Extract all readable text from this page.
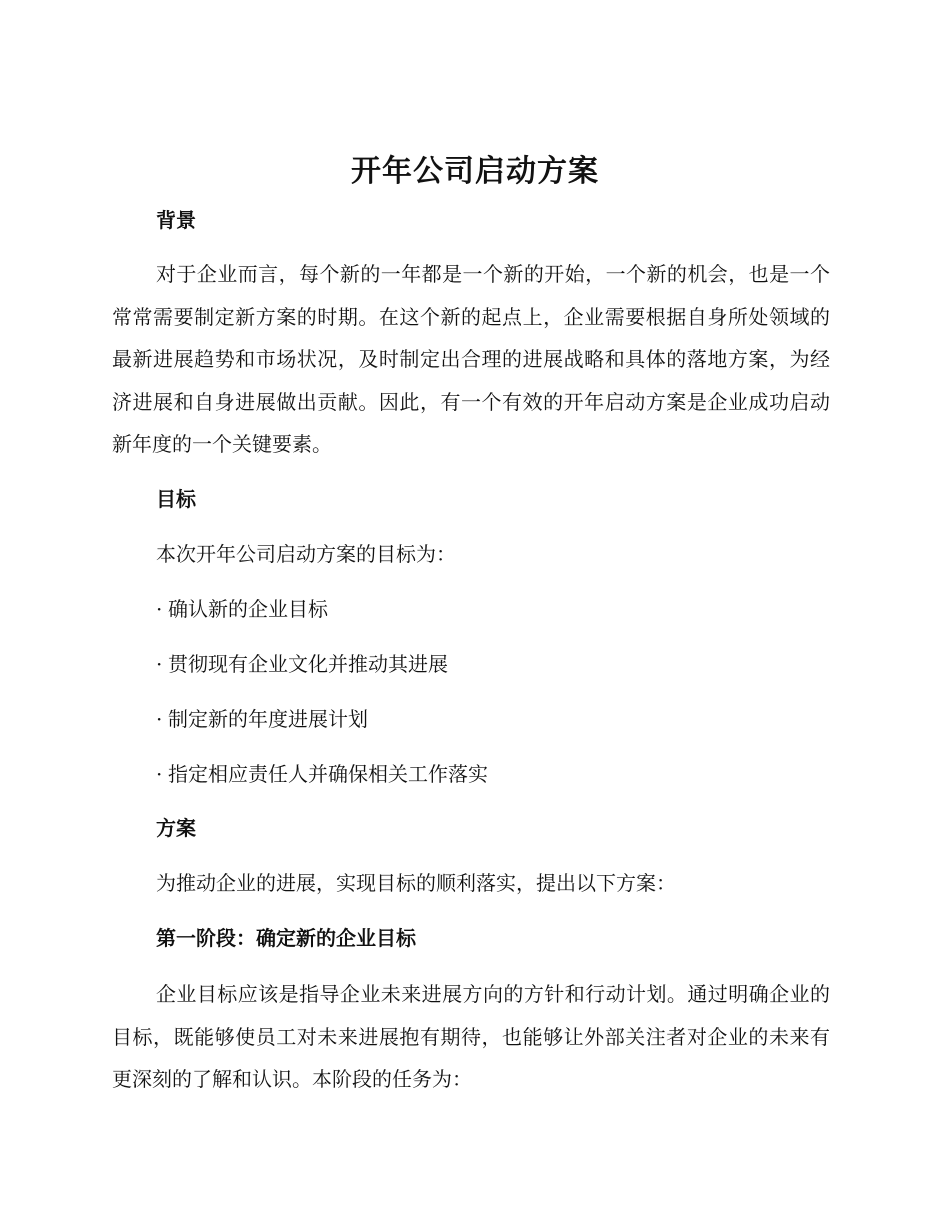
开年公司启动方案
背景
对于企业而言，每个新的一年都是一个新的开始，一个新的机会，也是一个常常需要制定新方案的时期。在这个新的起点上，企业需要根据自身所处领域的最新进展趋势和市场状况，及时制定出合理的进展战略和具体的落地方案，为经济进展和自身进展做出贡献。因此，有一个有效的开年启动方案是企业成功启动新年度的一个关键要素。
目标
本次开年公司启动方案的目标为：
· 确认新的企业目标
· 贯彻现有企业文化并推动其进展
· 制定新的年度进展计划
· 指定相应责任人并确保相关工作落实
方案
为推动企业的进展，实现目标的顺利落实，提出以下方案：
第一阶段：确定新的企业目标
企业目标应该是指导企业未来进展方向的方针和行动计划。通过明确企业的目标，既能够使员工对未来进展抱有期待，也能够让外部关注者对企业的未来有更深刻的了解和认识。本阶段的任务为：
